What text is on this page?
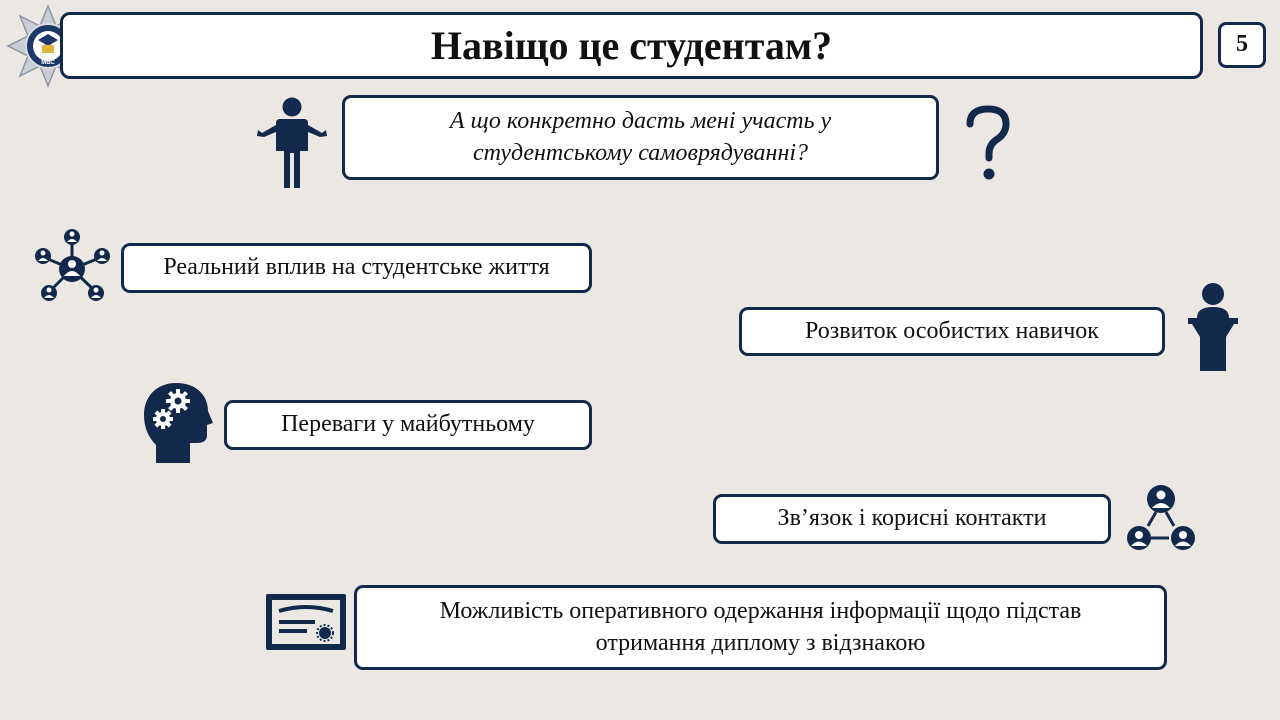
МВС	Навіщо це студентам?	5
А що конкретно дасть мені участь у
студентському самоврядуванні?
Реальний вплив на студентське життя
Розвиток особистих навичок
Переваги у майбутньому
Зв’язок і корисні контакти
Можливість оперативного одержання інформації щодо підстав
отримання диплому з відзнакою
